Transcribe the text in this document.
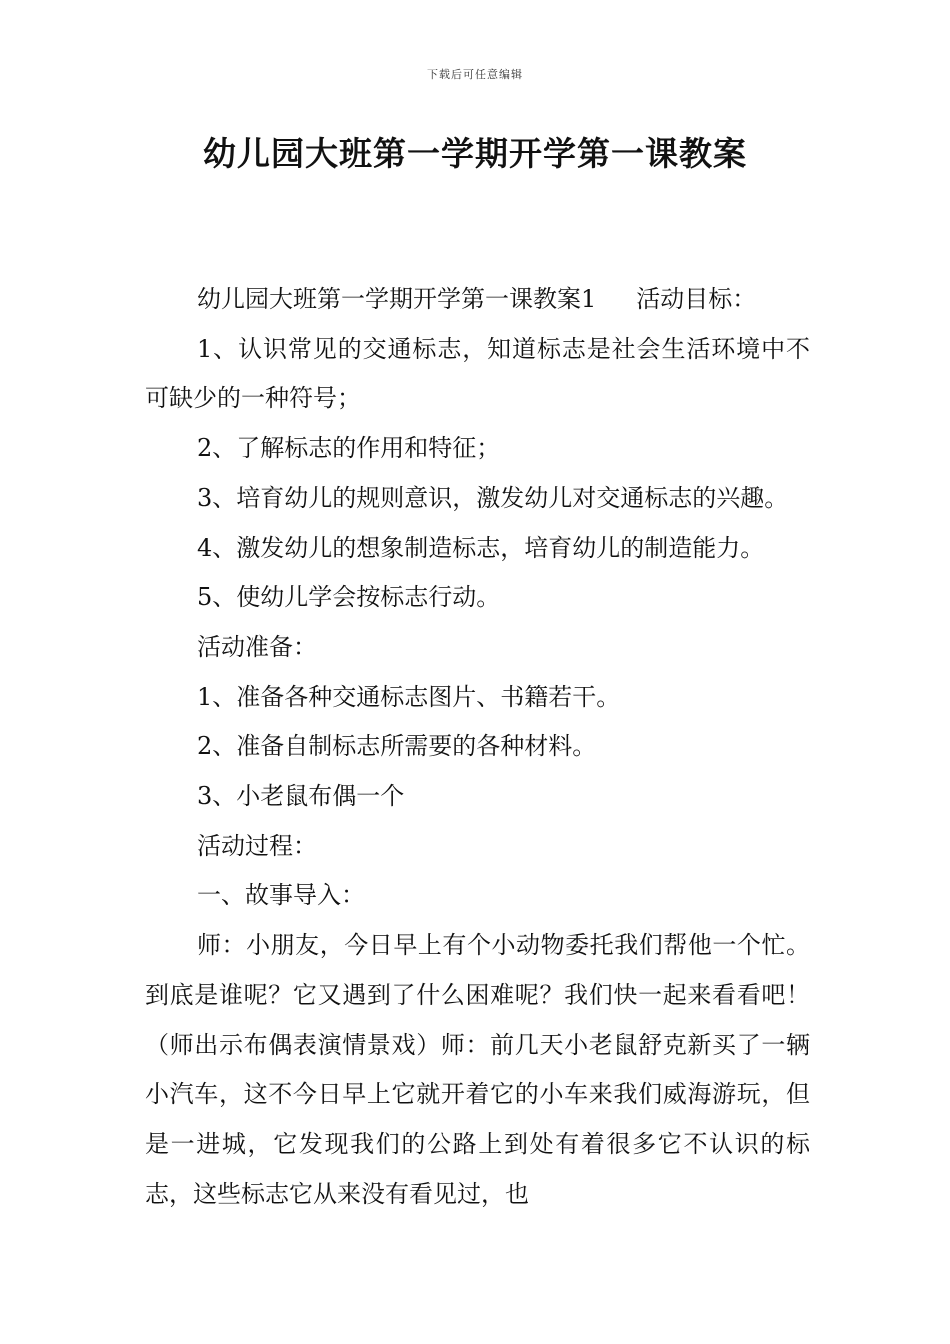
下载后可任意编辑
幼儿园大班第一学期开学第一课教案

幼儿园大班第一学期开学第一课教案1 活动目标：

1、认识常见的交通标志，知道标志是社会生活环境中不可缺少的一种符号；

2、了解标志的作用和特征；

3、培育幼儿的规则意识，激发幼儿对交通标志的兴趣。

4、激发幼儿的想象制造标志，培育幼儿的制造能力。

5、使幼儿学会按标志行动。

活动准备：

1、准备各种交通标志图片、书籍若干。

2、准备自制标志所需要的各种材料。

3、小老鼠布偶一个

活动过程：

一、故事导入：

师：小朋友，今日早上有个小动物委托我们帮他一个忙。到底是谁呢？它又遇到了什么困难呢？我们快一起来看看吧！（师出示布偶表演情景戏）师：前几天小老鼠舒克新买了一辆小汽车，这不今日早上它就开着它的小车来我们威海游玩，但是一进城，它发现我们的公路上到处有着很多它不认识的标志，这些标志它从来没有看见过，也
